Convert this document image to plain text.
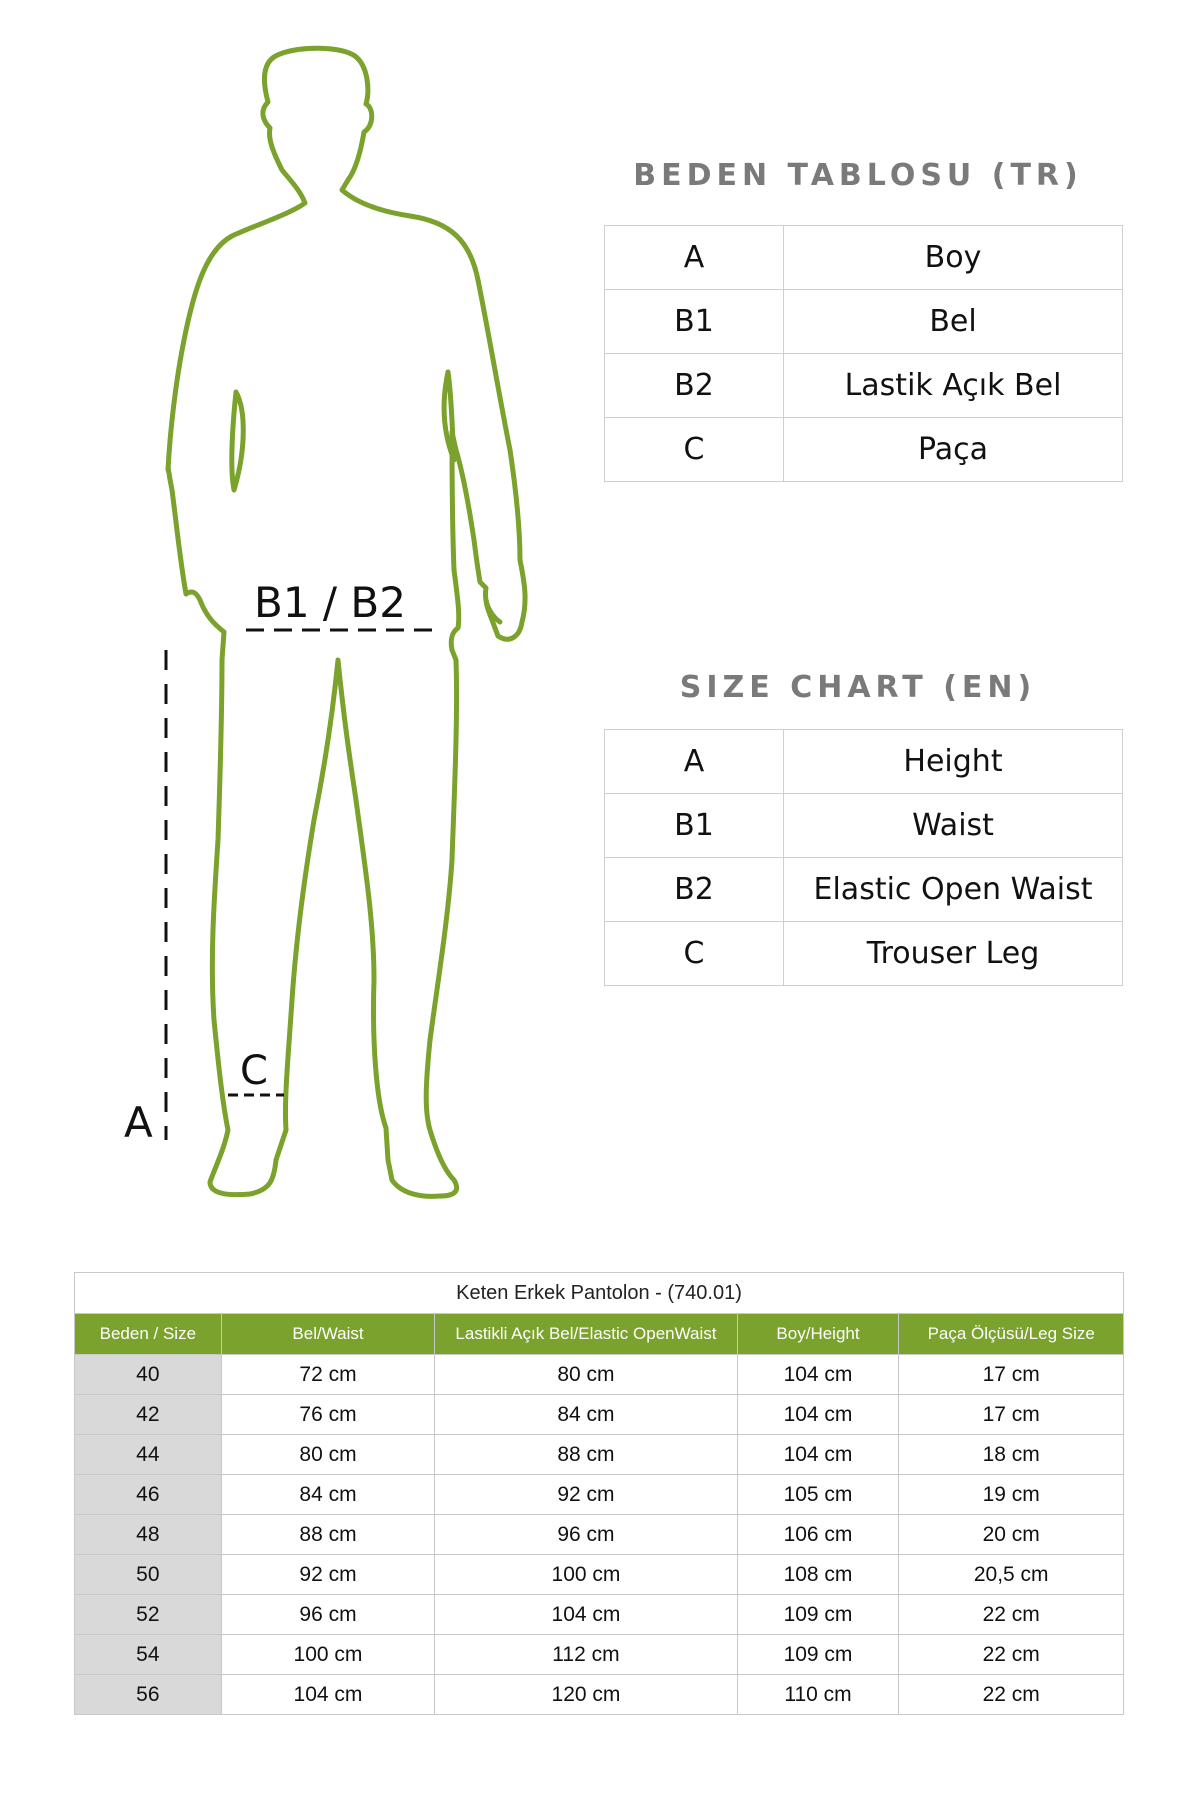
B1 / B2
C
A
BEDEN TABLOSU (TR)
A	Boy
B1	Bel
B2	Lastik Açık Bel
C	Paça
SIZE CHART (EN)
A	Height
B1	Waist
B2	Elastic Open Waist
C	Trouser Leg
Keten Erkek Pantolon - (740.01)				
Beden / Size	Bel/Waist	Lastikli Açık Bel/Elastic OpenWaist	Boy/Height	Paça Ölçüsü/Leg Size
40	72 cm	80 cm	104 cm	17 cm
42	76 cm	84 cm	104 cm	17 cm
44	80 cm	88 cm	104 cm	18 cm
46	84 cm	92 cm	105 cm	19 cm
48	88 cm	96 cm	106 cm	20 cm
50	92 cm	100 cm	108 cm	20,5 cm
52	96 cm	104 cm	109 cm	22 cm
54	100 cm	112 cm	109 cm	22 cm
56	104 cm	120 cm	110 cm	22 cm
